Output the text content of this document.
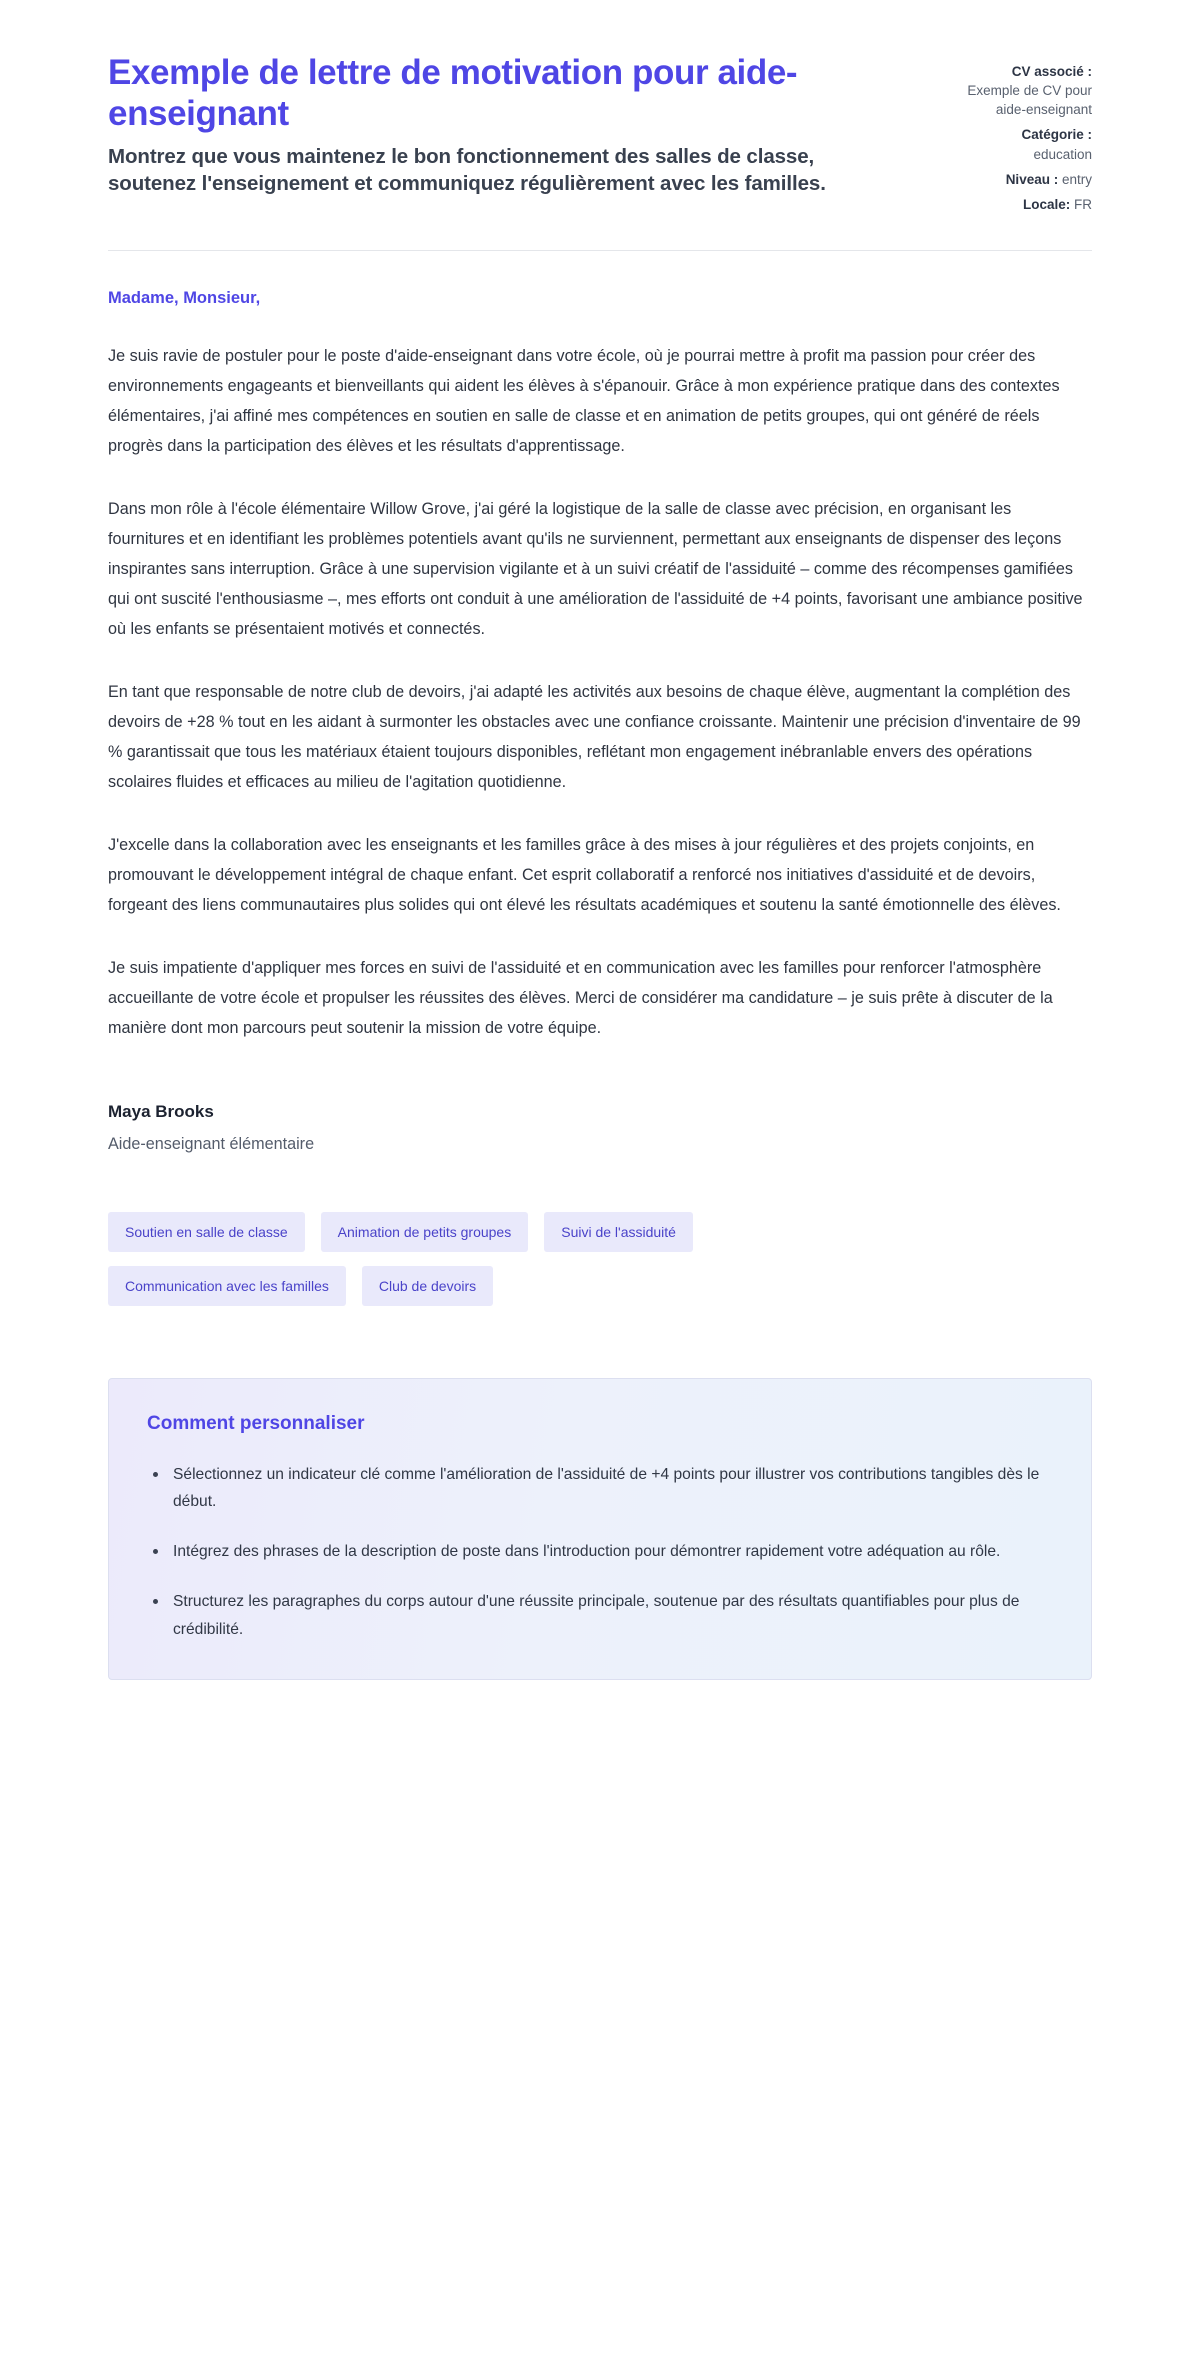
Exemple de lettre de motivation pour aide-enseignant
Montrez que vous maintenez le bon fonctionnement des salles de classe, soutenez l'enseignement et communiquez régulièrement avec les familles.
CV associé :
Exemple de CV pour aide-enseignant
Catégorie :
education
Niveau : entry
Locale: FR

Madame, Monsieur,

Je suis ravie de postuler pour le poste d'aide-enseignant dans votre école, où je pourrai mettre à profit ma passion pour créer des environnements engageants et bienveillants qui aident les élèves à s'épanouir. Grâce à mon expérience pratique dans des contextes élémentaires, j'ai affiné mes compétences en soutien en salle de classe et en animation de petits groupes, qui ont généré de réels progrès dans la participation des élèves et les résultats d'apprentissage.

Dans mon rôle à l'école élémentaire Willow Grove, j'ai géré la logistique de la salle de classe avec précision, en organisant les fournitures et en identifiant les problèmes potentiels avant qu'ils ne surviennent, permettant aux enseignants de dispenser des leçons inspirantes sans interruption. Grâce à une supervision vigilante et à un suivi créatif de l'assiduité – comme des récompenses gamifiées qui ont suscité l'enthousiasme –, mes efforts ont conduit à une amélioration de l'assiduité de +4 points, favorisant une ambiance positive où les enfants se présentaient motivés et connectés.

En tant que responsable de notre club de devoirs, j'ai adapté les activités aux besoins de chaque élève, augmentant la complétion des devoirs de +28 % tout en les aidant à surmonter les obstacles avec une confiance croissante. Maintenir une précision d'inventaire de 99 % garantissait que tous les matériaux étaient toujours disponibles, reflétant mon engagement inébranlable envers des opérations scolaires fluides et efficaces au milieu de l'agitation quotidienne.

J'excelle dans la collaboration avec les enseignants et les familles grâce à des mises à jour régulières et des projets conjoints, en promouvant le développement intégral de chaque enfant. Cet esprit collaboratif a renforcé nos initiatives d'assiduité et de devoirs, forgeant des liens communautaires plus solides qui ont élevé les résultats académiques et soutenu la santé émotionnelle des élèves.

Je suis impatiente d'appliquer mes forces en suivi de l'assiduité et en communication avec les familles pour renforcer l'atmosphère accueillante de votre école et propulser les réussites des élèves. Merci de considérer ma candidature – je suis prête à discuter de la manière dont mon parcours peut soutenir la mission de votre équipe.

Maya Brooks
Aide-enseignant élémentaire
Soutien en salle de classe	Animation de petits groupes	Suivi de l'assiduité
Communication avec les familles	Club de devoirs
Comment personnaliser
Sélectionnez un indicateur clé comme l'amélioration de l'assiduité de +4 points pour illustrer vos contributions tangibles dès le début.
Intégrez des phrases de la description de poste dans l'introduction pour démontrer rapidement votre adéquation au rôle.
Structurez les paragraphes du corps autour d'une réussite principale, soutenue par des résultats quantifiables pour plus de crédibilité.
